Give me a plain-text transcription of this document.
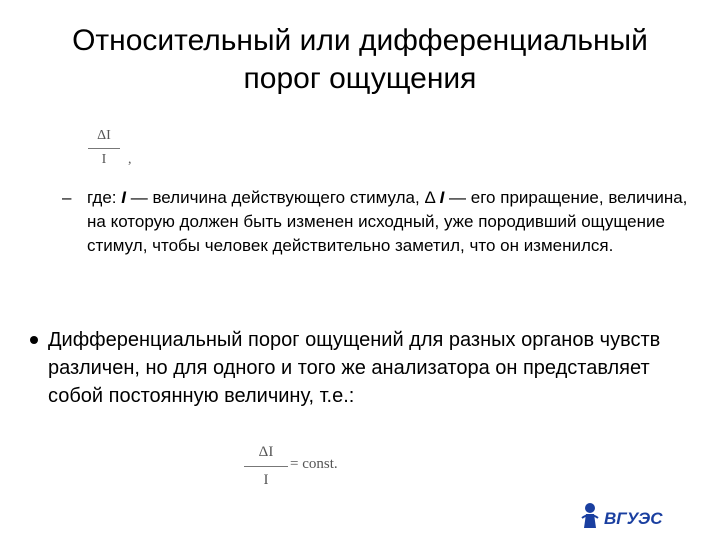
Относительный или дифференциальный порог ощущения
ΔI
I	,
– где: I — величина действующего стимула, Δ I — его приращение, величина, на которую должен быть изменен исходный, уже породивший ощущение стимул, чтобы человек действительно заметил, что он изменился.
Дифференциальный порог ощущений для разных органов чувств различен, но для одного и того же анализатора он представляет собой постоянную величину, т.е.:
ΔI
I
= const.
ВГУЭС
